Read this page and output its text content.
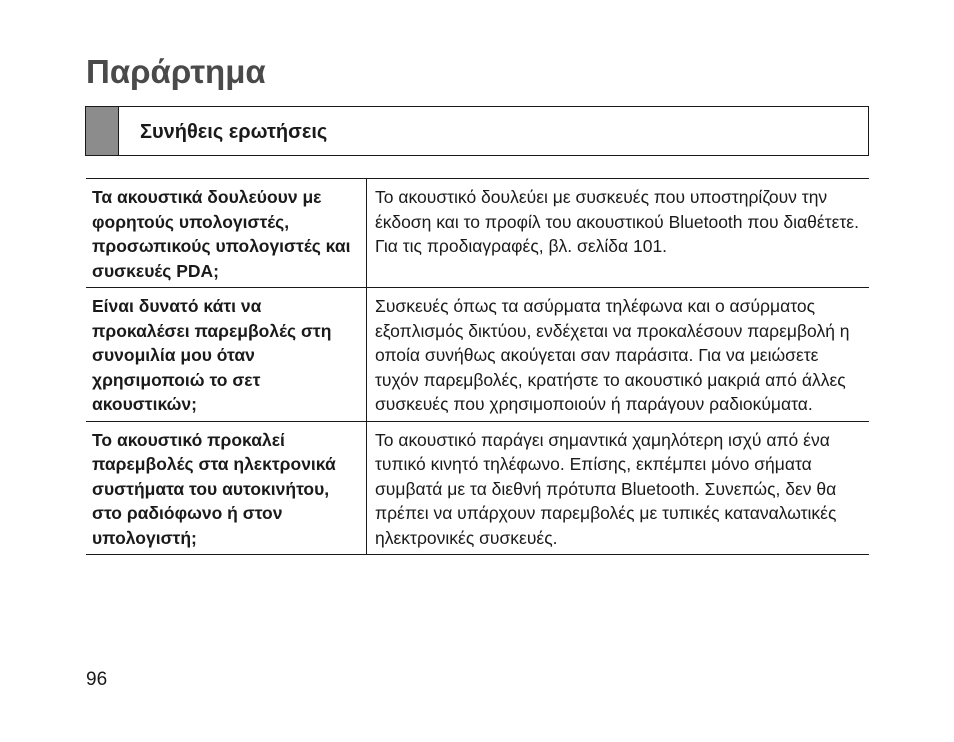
Παράρτημα
Συνήθεις ερωτήσεις
Τα ακουστικά δουλεύουν με φορητούς υπολογιστές, προσωπικούς υπολογιστές και συσκευές PDA;	Το ακουστικό δουλεύει με συσκευές που υποστηρίζουν την έκδοση και το προφίλ του ακουστικού Bluetooth που διαθέτετε. Για τις προδιαγραφές, βλ. σελίδα 101.
Είναι δυνατό κάτι να προκαλέσει παρεμβολές στη συνομιλία μου όταν χρησιμοποιώ το σετ ακουστικών;	Συσκευές όπως τα ασύρματα τηλέφωνα και ο ασύρματος εξοπλισμός δικτύου, ενδέχεται να προκαλέσουν παρεμβολή η οποία συνήθως ακούγεται σαν παράσιτα. Για να μειώσετε τυχόν παρεμβολές, κρατήστε το ακουστικό μακριά από άλλες συσκευές που χρησιμοποιούν ή παράγουν ραδιοκύματα.
Το ακουστικό προκαλεί παρεμβολές στα ηλεκτρονικά συστήματα του αυτοκινήτου, στο ραδιόφωνο ή στον υπολογιστή;	Το ακουστικό παράγει σημαντικά χαμηλότερη ισχύ από ένα τυπικό κινητό τηλέφωνο. Επίσης, εκπέμπει μόνο σήματα συμβατά με τα διεθνή πρότυπα Bluetooth. Συνεπώς, δεν θα πρέπει να υπάρχουν παρεμβολές με τυπικές καταναλωτικές ηλεκτρονικές συσκευές.
96
